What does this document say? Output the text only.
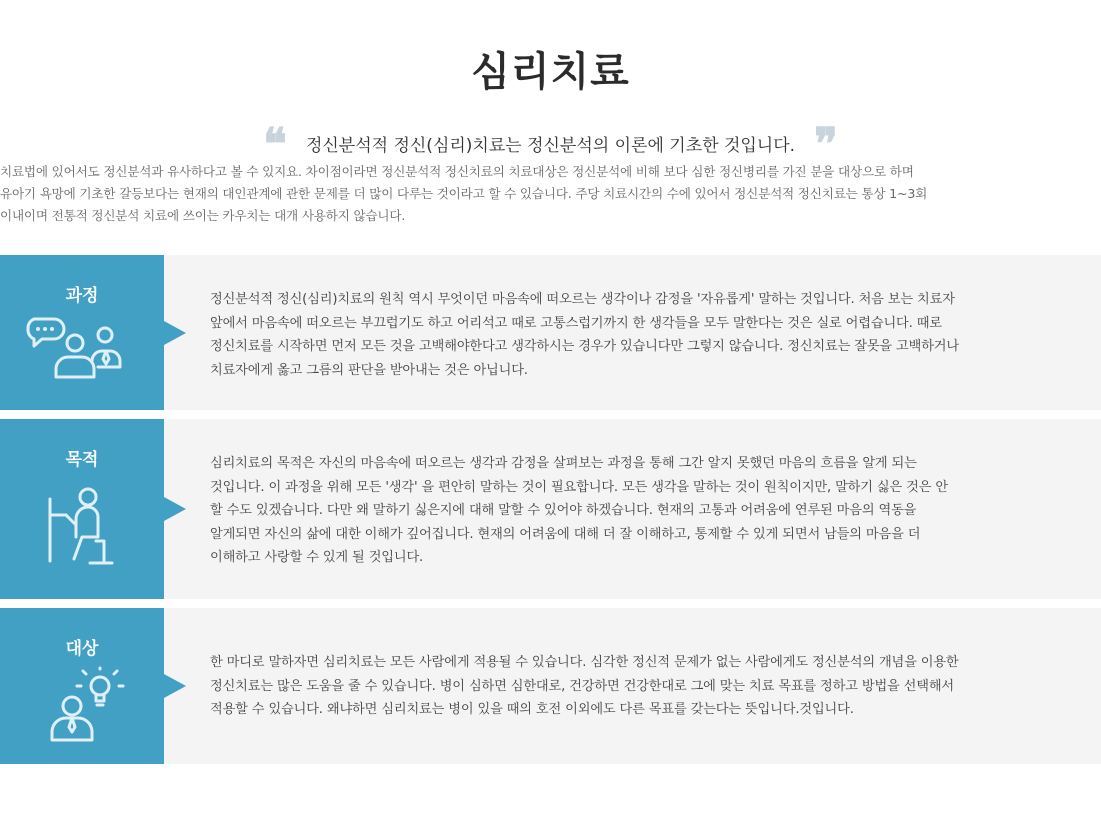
심리치료
❝ 정신분석적 정신(심리)치료는 정신분석의 이론에 기초한 것입니다. ❞

치료법에 있어서도 정신분석과 유사하다고 볼 수 있지요. 차이점이라면 정신분석적 정신치료의 치료대상은 정신분석에 비해 보다 심한 정신병리를 가진 분을 대상으로 하며
유아기 욕망에 기초한 갈등보다는 현재의 대인관계에 관한 문제를 더 많이 다루는 것이라고 할 수 있습니다. 주당 치료시간의 수에 있어서 정신분석적 정신치료는 통상 1~3회
이내이며 전통적 정신분석 치료에 쓰이는 카우치는 대개 사용하지 않습니다.

과정	정신분석적 정신(심리)치료의 원칙 역시 무엇이던 마음속에 떠오르는 생각이나 감정을 '자유롭게' 말하는 것입니다. 처음 보는 치료자
앞에서 마음속에 떠오르는 부끄럽기도 하고 어리석고 때로 고통스럽기까지 한 생각들을 모두 말한다는 것은 실로 어렵습니다. 때로
정신치료를 시작하면 먼저 모든 것을 고백해야한다고 생각하시는 경우가 있습니다만 그렇지 않습니다. 정신치료는 잘못을 고백하거나
치료자에게 옳고 그름의 판단을 받아내는 것은 아닙니다.
목적	심리치료의 목적은 자신의 마음속에 떠오르는 생각과 감정을 살펴보는 과정을 통해 그간 알지 못했던 마음의 흐름을 알게 되는
것입니다. 이 과정을 위해 모든 '생각' 을 편안히 말하는 것이 필요합니다. 모든 생각을 말하는 것이 원칙이지만, 말하기 싫은 것은 안
할 수도 있겠습니다. 다만 왜 말하기 싫은지에 대해 말할 수 있어야 하겠습니다. 현재의 고통과 어려움에 연루된 마음의 역동을
알게되면 자신의 삶에 대한 이해가 깊어집니다. 현재의 어려움에 대해 더 잘 이해하고, 통제할 수 있게 되면서 남들의 마음을 더
이해하고 사랑할 수 있게 될 것입니다.
대상
한 마디로 말하자면 심리치료는 모든 사람에게 적용될 수 있습니다. 심각한 정신적 문제가 없는 사람에게도 정신분석의 개념을 이용한
정신치료는 많은 도움을 줄 수 있습니다. 병이 심하면 심한대로, 건강하면 건강한대로 그에 맞는 치료 목표를 정하고 방법을 선택해서
적용할 수 있습니다. 왜냐하면 심리치료는 병이 있을 때의 호전 이외에도 다른 목표를 갖는다는 뜻입니다.것입니다.
